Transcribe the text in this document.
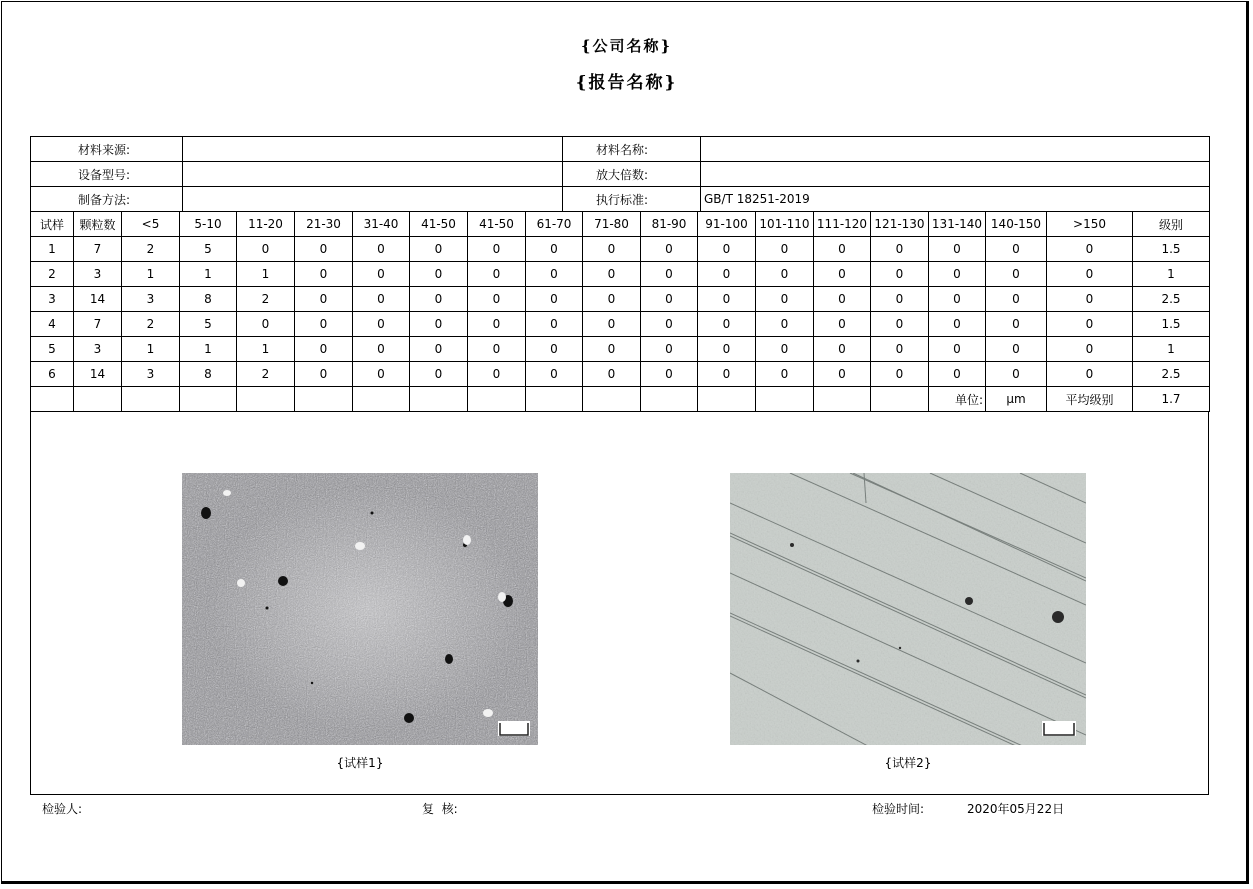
{公司名称}
{报告名称}
材料来源:		材料名称:	
设备型号:		放大倍数:	
制备方法:		执行标准:	GB/T 18251-2019
试样	颗粒数	<5	5-10	11-20	21-30	31-40	41-50	41-50	61-70	71-80	81-90	91-100	101-110	111-120	121-130	131-140	140-150	>150	级别
1	7	2	5	0	0	0	0	0	0	0	0	0	0	0	0	0	0	0	1.5
2	3	1	1	1	0	0	0	0	0	0	0	0	0	0	0	0	0	0	1
3	14	3	8	2	0	0	0	0	0	0	0	0	0	0	0	0	0	0	2.5
4	7	2	5	0	0	0	0	0	0	0	0	0	0	0	0	0	0	0	1.5
5	3	1	1	1	0	0	0	0	0	0	0	0	0	0	0	0	0	0	1
6	14	3	8	2	0	0	0	0	0	0	0	0	0	0	0	0	0	0	2.5
																单位:	μm	平均级别	1.7
{试样1}	{试样2}
检验人:	复  核:	检验时间:	2020年05月22日
